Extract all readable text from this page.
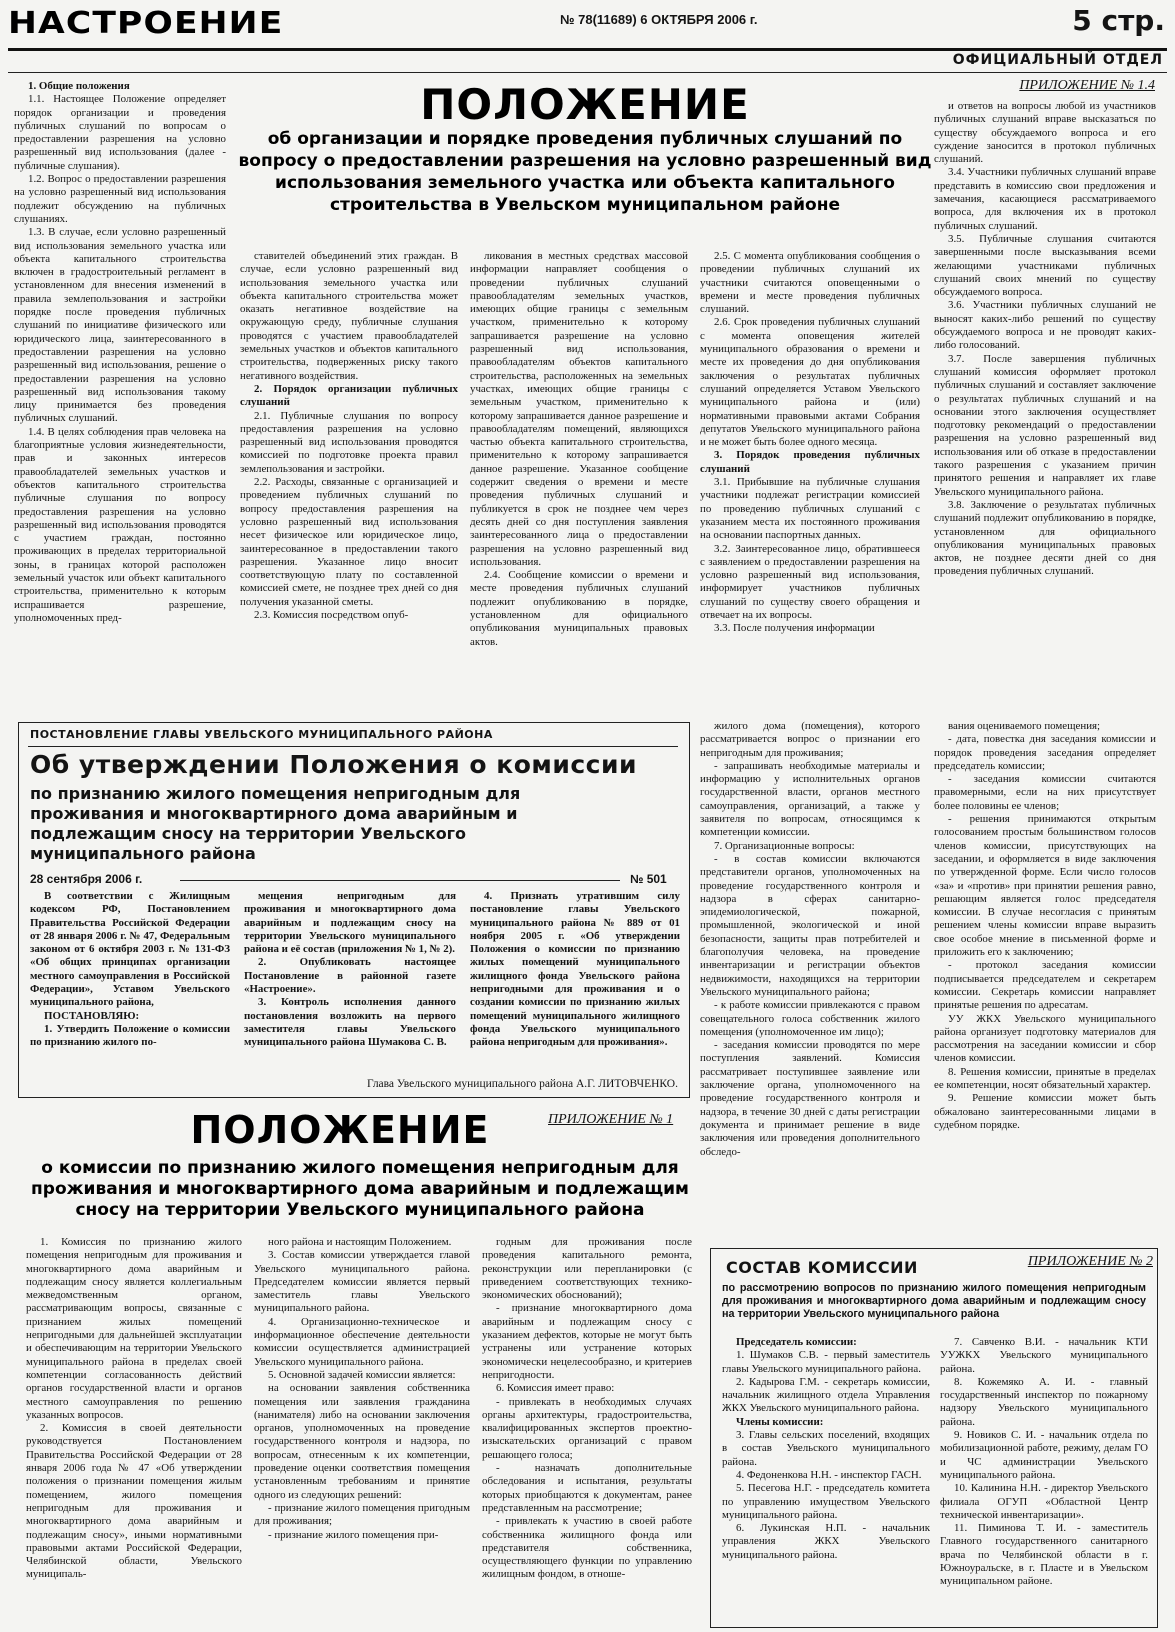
НАСТРОЕНИЕ	№ 78(11689) 6 ОКТЯБРЯ 2006 г.	5 стр.
ОФИЦИАЛЬНЫЙ ОТДЕЛ
ПРИЛОЖЕНИЕ № 1.4
ПОЛОЖЕНИЕ
об организации и порядке проведения публичных слушаний по вопросу о предоставлении разрешения на условно разрешенный вид использования земельного участка или объекта капитального строительства в Увельском муниципальном районе

1. Общие положения

1.1. Настоящее Положение определяет порядок организации и проведения публичных слушаний по вопросам о предоставлении разрешения на условно разрешенный вид использования (далее - публичные слушания).

1.2. Вопрос о предоставлении разрешения на условно разрешенный вид использования подлежит обсуждению на публичных слушаниях.

1.3. В случае, если условно разрешенный вид использования земельного участка или объекта капитального строительства включен в градостроительный регламент в установленном для внесения изменений в правила землепользования и застройки порядке после проведения публичных слушаний по инициативе физического или юридического лица, заинтересованного в предоставлении разрешения на условно разрешенный вид использования, решение о предоставлении разрешения на условно разрешенный вид использования такому лицу принимается без проведения публичных слушаний.

1.4. В целях соблюдения прав человека на благоприятные условия жизнедеятельности, прав и законных интересов правообладателей земельных участков и объектов капитального строительства публичные слушания по вопросу предоставления разрешения на условно разрешенный вид использования проводятся с участием граждан, постоянно проживающих в пределах территориальной зоны, в границах которой расположен земельный участок или объект капитального строительства, применительно к которым испрашивается разрешение, уполномоченных пред-

ставителей объединений этих граждан. В случае, если условно разрешенный вид использования земельного участка или объекта капитального строительства может оказать негативное воздействие на окружающую среду, публичные слушания проводятся с участием правообладателей земельных участков и объектов капитального строительства, подверженных риску такого негативного воздействия.

2. Порядок организации публичных слушаний

2.1. Публичные слушания по вопросу предоставления разрешения на условно разрешенный вид использования проводятся комиссией по подготовке проекта правил землепользования и застройки.

2.2. Расходы, связанные с организацией и проведением публичных слушаний по вопросу предоставления разрешения на условно разрешенный вид использования несет физическое или юридическое лицо, заинтересованное в предоставлении такого разрешения. Указанное лицо вносит соответствующую плату по составленной комиссией смете, не позднее трех дней со дня получения указанной сметы.

2.3. Комиссия посредством опуб-

ликования в местных средствах массовой информации направляет сообщения о проведении публичных слушаний правообладателям земельных участков, имеющих общие границы с земельным участком, применительно к которому запрашивается разрешение на условно разрешенный вид использования, правообладателям объектов капитального строительства, расположенных на земельных участках, имеющих общие границы с земельным участком, применительно к которому запрашивается данное разрешение и правообладателям помещений, являющихся частью объекта капитального строительства, применительно к которому запрашивается данное разрешение. Указанное сообщение содержит сведения о времени и месте проведения публичных слушаний и публикуется в срок не позднее чем через десять дней со дня поступления заявления заинтересованного лица о предоставлении разрешения на условно разрешенный вид использования.

2.4. Сообщение комиссии о времени и месте проведения публичных слушаний подлежит опубликованию в порядке, установленном для официального опубликования муниципальных правовых актов.

2.5. С момента опубликования сообщения о проведении публичных слушаний их участники считаются оповещенными о времени и месте проведения публичных слушаний.

2.6. Срок проведения публичных слушаний с момента оповещения жителей муниципального образования о времени и месте их проведения до дня опубликования заключения о результатах публичных слушаний определяется Уставом Увельского муниципального района и (или) нормативными правовыми актами Собрания депутатов Увельского муниципального района и не может быть более одного месяца.

3. Порядок проведения публичных слушаний

3.1. Прибывшие на публичные слушания участники подлежат регистрации комиссией по проведению публичных слушаний с указанием места их постоянного проживания на основании паспортных данных.

3.2. Заинтересованное лицо, обратившееся с заявлением о предоставлении разрешения на условно разрешенный вид использования, информирует участников публичных слушаний по существу своего обращения и отвечает на их вопросы.

3.3. После получения информации

и ответов на вопросы любой из участников публичных слушаний вправе высказаться по существу обсуждаемого вопроса и его суждение заносится в протокол публичных слушаний.

3.4. Участники публичных слушаний вправе представить в комиссию свои предложения и замечания, касающиеся рассматриваемого вопроса, для включения их в протокол публичных слушаний.

3.5. Публичные слушания считаются завершенными после высказывания всеми желающими участниками публичных слушаний своих мнений по существу обсуждаемого вопроса.

3.6. Участники публичных слушаний не выносят каких-либо решений по существу обсуждаемого вопроса и не проводят каких-либо голосований.

3.7. После завершения публичных слушаний комиссия оформляет протокол публичных слушаний и составляет заключение о результатах публичных слушаний и на основании этого заключения осуществляет подготовку рекомендаций о предоставлении разрешения на условно разрешенный вид использования или об отказе в предоставлении такого разрешения с указанием причин принятого решения и направляет их главе Увельского муниципального района.

3.8. Заключение о результатах публичных слушаний подлежит опубликованию в порядке, установленном для официального опубликования муниципальных правовых актов, не позднее десяти дней со дня проведения публичных слушаний.

ПОСТАНОВЛЕНИЕ ГЛАВЫ УВЕЛЬСКОГО МУНИЦИПАЛЬНОГО РАЙОНА
Об утверждении Положения о комиссии
по признанию жилого помещения непригодным для проживания и многоквартирного дома аварийным и подлежащим сносу на территории Увельского муниципального района
28 сентября 2006 г.	№ 501

В соответствии с Жилищным кодексом РФ, Постановлением Правительства Российской Федерации от 28 января 2006 г. № 47, Федеральным законом от 6 октября 2003 г. № 131-ФЗ «Об общих принципах организации местного самоуправления в Российской Федерации», Уставом Увельского муниципального района,

ПОСТАНОВЛЯЮ:

1. Утвердить Положение о комиссии по признанию жилого по-

мещения непригодным для проживания и многоквартирного дома аварийным и подлежащим сносу на территории Увельского муниципального района и её состав (приложения № 1, № 2).

2. Опубликовать настоящее Постановление в районной газете «Настроение».

3. Контроль исполнения данного постановления возложить на первого заместителя главы Увельского муниципального района Шумакова С. В.

4. Признать утратившим силу постановление главы Увельского муниципального района № 889 от 01 ноября 2005 г. «Об утверждении Положения о комиссии по признанию жилых помещений муниципального жилищного фонда Увельского района непригодными для проживания и о создании комиссии по признанию жилых помещений муниципального жилищного фонда Увельского муниципального района непригодным для проживания».

Глава Увельского муниципального района А.Г. ЛИТОВЧЕНКО.

жилого дома (помещения), которого рассматривается вопрос о признании его непригодным для проживания;

- запрашивать необходимые материалы и информацию у исполнительных органов государственной власти, органов местного самоуправления, организаций, а также у заявителя по вопросам, относящимся к компетенции комиссии.

7. Организационные вопросы:

- в состав комиссии включаются представители органов, уполномоченных на проведение государственного контроля и надзора в сферах санитарно-эпидемиологической, пожарной, промышленной, экологической и иной безопасности, защиты прав потребителей и благополучия человека, на проведение инвентаризации и регистрации объектов недвижимости, находящихся на территории Увельского муниципального района;

- к работе комиссии привлекаются с правом совещательного голоса собственник жилого помещения (уполномоченное им лицо);

- заседания комиссии проводятся по мере поступления заявлений. Комиссия рассматривает поступившее заявление или заключение органа, уполномоченного на проведение государственного контроля и надзора, в течение 30 дней с даты регистрации документа и принимает решение в виде заключения или проведения дополнительного обследо-

вания оцениваемого помещения;

- дата, повестка дня заседания комиссии и порядок проведения заседания определяет председатель комиссии;

- заседания комиссии считаются правомерными, если на них присутствует более половины ее членов;

- решения принимаются открытым голосованием простым большинством голосов членов комиссии, присутствующих на заседании, и оформляется в виде заключения по утвержденной форме. Если число голосов «за» и «против» при принятии решения равно, решающим является голос председателя комиссии. В случае несогласия с принятым решением члены комиссии вправе выразить свое особое мнение в письменной форме и приложить его к заключению;

- протокол заседания комиссии подписывается председателем и секретарем комиссии. Секретарь комиссии направляет принятые решения по адресатам.

УУ ЖКХ Увельского муниципального района организует подготовку материалов для рассмотрения на заседании комиссии и сбор членов комиссии.

8. Решения комиссии, принятые в пределах ее компетенции, носят обязательный характер.

9. Решение комиссии может быть обжаловано заинтересованными лицами в судебном порядке.

ПРИЛОЖЕНИЕ № 1
ПОЛОЖЕНИЕ
о комиссии по признанию жилого помещения непригодным для проживания и многоквартирного дома аварийным и подлежащим сносу на территории Увельского муниципального района

1. Комиссия по признанию жилого помещения непригодным для проживания и многоквартирного дома аварийным и подлежащим сносу является коллегиальным межведомственным органом, рассматривающим вопросы, связанные с признанием жилых помещений непригодными для дальнейшей эксплуатации и обеспечивающим на территории Увельского муниципального района в пределах своей компетенции согласованность действий органов государственной власти и органов местного самоуправления по решению указанных вопросов.

2. Комиссия в своей деятельности руководствуется Постановлением Правительства Российской Федерации от 28 января 2006 года № 47 «Об утверждении положения о признании помещения жилым помещением, жилого помещения непригодным для проживания и многоквартирного дома аварийным и подлежащим сносу», иными нормативными правовыми актами Российской Федерации, Челябинской области, Увельского муниципаль-

ного района и настоящим Положением.

3. Состав комиссии утверждается главой Увельского муниципального района. Председателем комиссии является первый заместитель главы Увельского муниципального района.

4. Организационно-техническое и информационное обеспечение деятельности комиссии осуществляется администрацией Увельского муниципального района.

5. Основной задачей комиссии является:

на основании заявления собственника помещения или заявления гражданина (нанимателя) либо на основании заключения органов, уполномоченных на проведение государственного контроля и надзора, по вопросам, отнесенным к их компетенции, проведение оценки соответствия помещения установленным требованиям и принятие одного из следующих решений:

- признание жилого помещения пригодным для проживания;

- признание жилого помещения при-

годным для проживания после проведения капитального ремонта, реконструкции или перепланировки (с приведением соответствующих технико-экономических обоснований);

- признание многоквартирного дома аварийным и подлежащим сносу с указанием дефектов, которые не могут быть устранены или устранение которых экономически нецелесообразно, и критериев непригодности.

6. Комиссия имеет право:

- привлекать в необходимых случаях органы архитектуры, градостроительства, квалифицированных экспертов проектно-изыскательских организаций с правом решающего голоса;

- назначать дополнительные обследования и испытания, результаты которых приобщаются к документам, ранее представленным на рассмотрение;

- привлекать к участию в своей работе собственника жилищного фонда или представителя собственника, осуществляющего функции по управлению жилищным фондом, в отноше-

СОСТАВ КОМИССИИ	ПРИЛОЖЕНИЕ № 2
по рассмотрению вопросов по признанию жилого помещения непригодным для проживания и многоквартирного дома аварийным и подлежащим сносу на территории Увельского муниципального района

Председатель комиссии:

1. Шумаков С.В. - первый заместитель главы Увельского муниципального района.

2. Кадырова Г.М. - секретарь комиссии, начальник жилищного отдела Управления ЖКХ Увельского муниципального района.

Члены комиссии:

3. Главы сельских поселений, входящих в состав Увельского муниципального района.

4. Федоненкова Н.Н. - инспектор ГАСН.

5. Песегова Н.Г. - председатель комитета по управлению имуществом Увельского муниципального района.

6. Лукинская Н.П. - начальник управления ЖКХ Увельского муниципального района.

7. Савченко В.И. - начальник КТИ УУЖКХ Увельского муниципального района.

8. Кожемяко А. И. - главный государственный инспектор по пожарному надзору Увельского муниципального района.

9. Новиков С. И. - начальник отдела по мобилизационной работе, режиму, делам ГО и ЧС администрации Увельского муниципального района.

10. Калинина Н.Н. - директор Увельского филиала ОГУП «Областной Центр технической инвентаризации».

11. Пиминова Т. И. - заместитель Главного государственного санитарного врача по Челябинской области в г. Южноуральске, в г. Пласте и в Увельском муниципальном районе.
